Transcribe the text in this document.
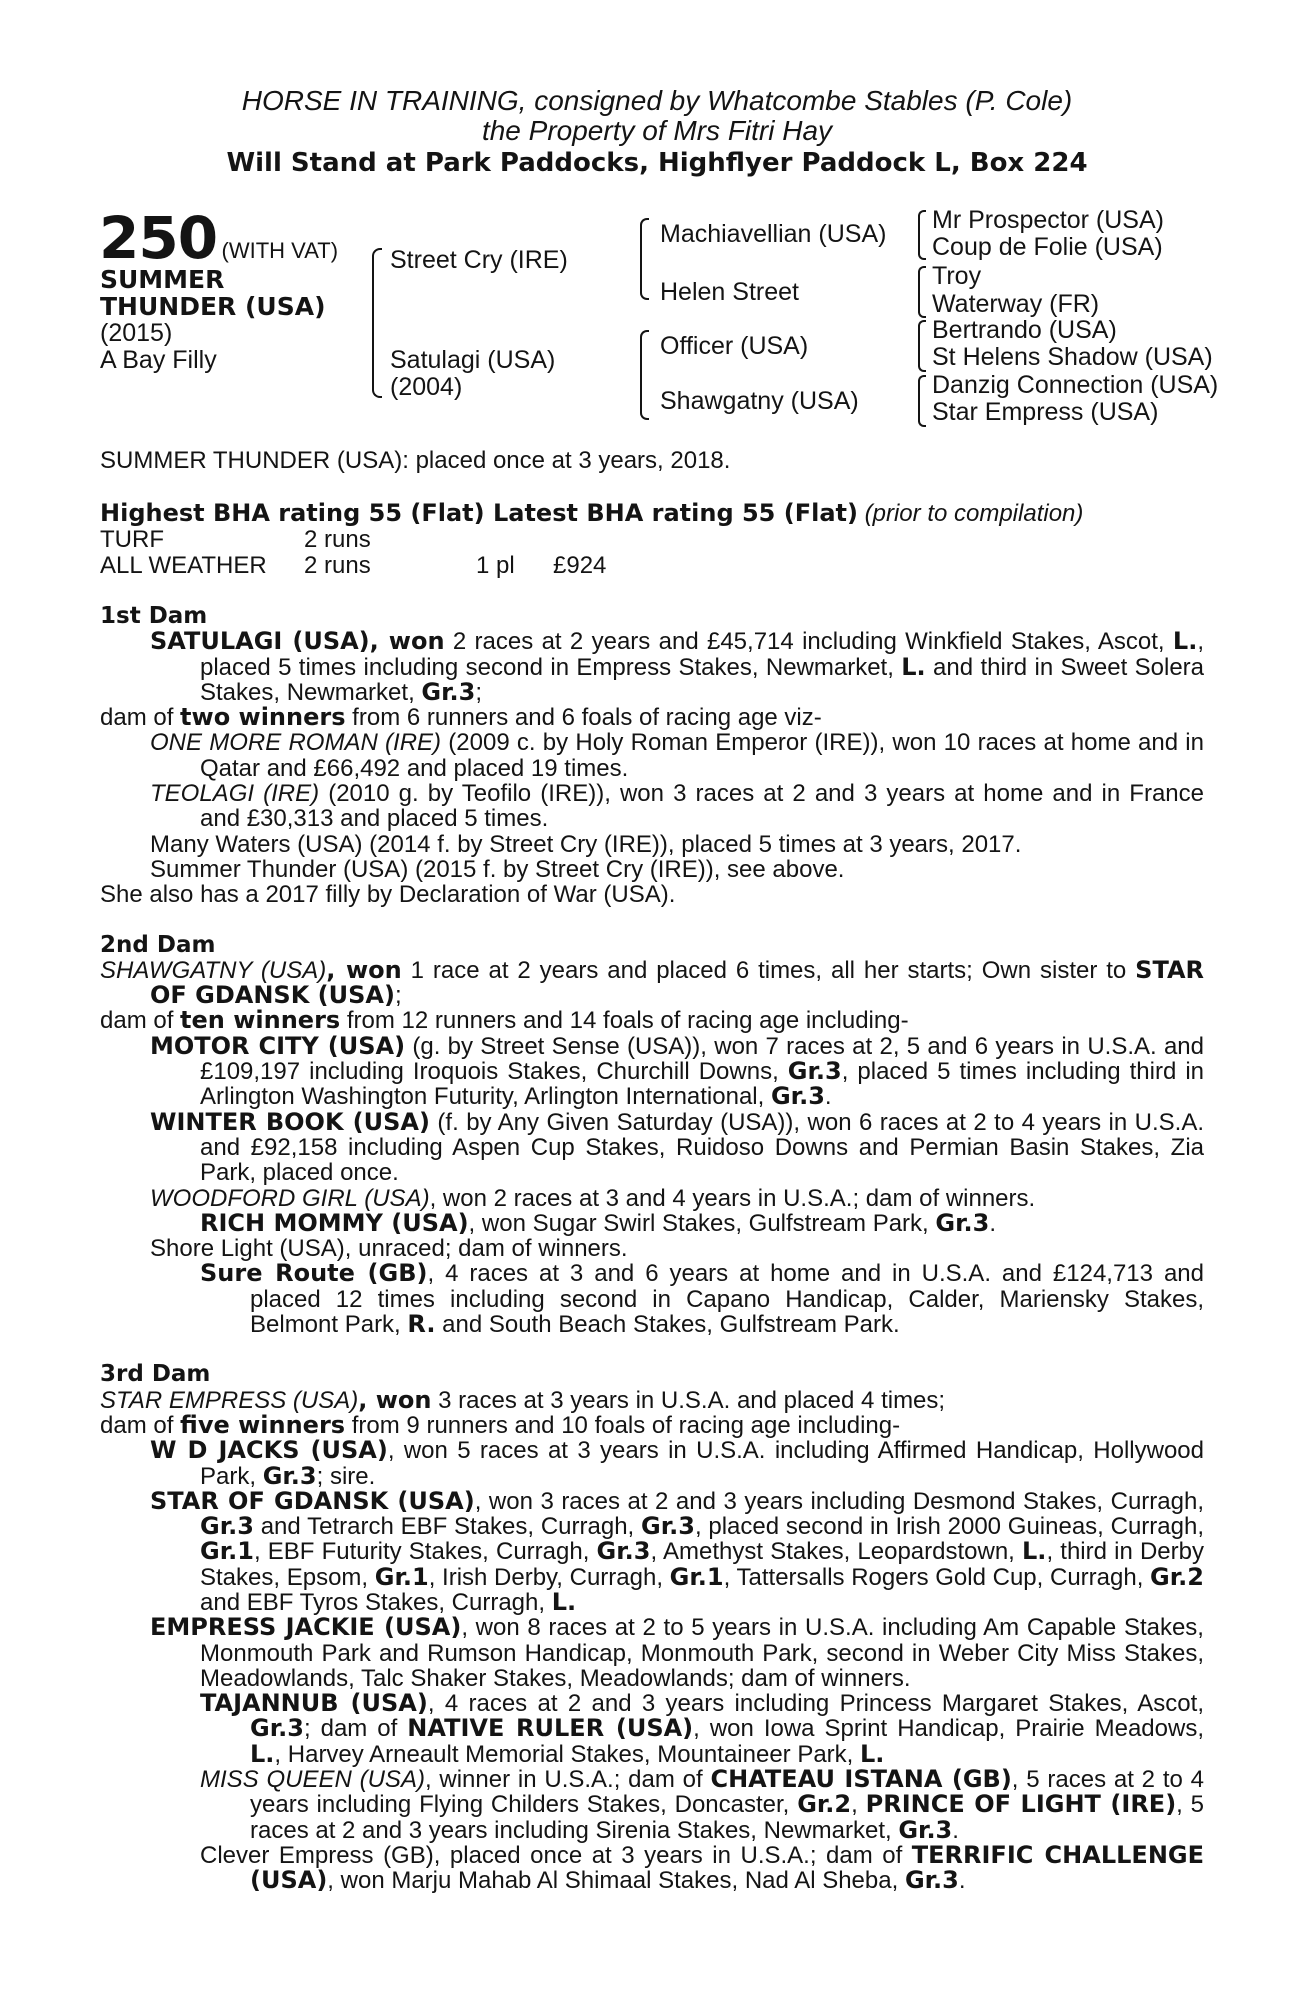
HORSE IN TRAINING, consigned by Whatcombe Stables (P. Cole)
the Property of Mrs Fitri Hay
Will Stand at Park Paddocks, Highflyer Paddock L, Box 224
250 (WITH VAT)
SUMMER
THUNDER (USA)
(2015)
A Bay Filly
Street Cry (IRE)
Satulagi (USA)
(2004)
Machiavellian (USA)
Helen Street
Officer (USA)
Shawgatny (USA)
Mr Prospector (USA)
Coup de Folie (USA)
Troy
Waterway (FR)
Bertrando (USA)
St Helens Shadow (USA)
Danzig Connection (USA)
Star Empress (USA)
SUMMER THUNDER (USA): placed once at 3 years, 2018.
Highest BHA rating 55 (Flat) Latest BHA rating 55 (Flat) (prior to compilation)
TURF	2 runs
ALL WEATHER 2 runs	1 pl £924

1st Dam

SATULAGI (USA), won 2 races at 2 years and £45,714 including Winkfield Stakes, Ascot, L., placed 5 times including second in Empress Stakes, Newmarket, L. and third in Sweet Solera Stakes, Newmarket, Gr.3;

dam of two winners from 6 runners and 6 foals of racing age viz-

ONE MORE ROMAN (IRE) (2009 c. by Holy Roman Emperor (IRE)), won 10 races at home and in Qatar and £66,492 and placed 19 times.

TEOLAGI (IRE) (2010 g. by Teofilo (IRE)), won 3 races at 2 and 3 years at home and in France and £30,313 and placed 5 times.

Many Waters (USA) (2014 f. by Street Cry (IRE)), placed 5 times at 3 years, 2017.

Summer Thunder (USA) (2015 f. by Street Cry (IRE)), see above.

She also has a 2017 filly by Declaration of War (USA).

2nd Dam

SHAWGATNY (USA), won 1 race at 2 years and placed 6 times, all her starts; Own sister to STAR OF GDANSK (USA);

dam of ten winners from 12 runners and 14 foals of racing age including-

MOTOR CITY (USA) (g. by Street Sense (USA)), won 7 races at 2, 5 and 6 years in U.S.A. and £109,197 including Iroquois Stakes, Churchill Downs, Gr.3, placed 5 times including third in Arlington Washington Futurity, Arlington International, Gr.3.

WINTER BOOK (USA) (f. by Any Given Saturday (USA)), won 6 races at 2 to 4 years in U.S.A. and £92,158 including Aspen Cup Stakes, Ruidoso Downs and Permian Basin Stakes, Zia Park, placed once.

WOODFORD GIRL (USA), won 2 races at 3 and 4 years in U.S.A.; dam of winners.

RICH MOMMY (USA), won Sugar Swirl Stakes, Gulfstream Park, Gr.3.

Shore Light (USA), unraced; dam of winners.

Sure Route (GB), 4 races at 3 and 6 years at home and in U.S.A. and £124,713 and placed 12 times including second in Capano Handicap, Calder, Mariensky Stakes, Belmont Park, R. and South Beach Stakes, Gulfstream Park.

3rd Dam

STAR EMPRESS (USA), won 3 races at 3 years in U.S.A. and placed 4 times;

dam of five winners from 9 runners and 10 foals of racing age including-

W D JACKS (USA), won 5 races at 3 years in U.S.A. including Affirmed Handicap, Hollywood Park, Gr.3; sire.

STAR OF GDANSK (USA), won 3 races at 2 and 3 years including Desmond Stakes, Curragh, Gr.3 and Tetrarch EBF Stakes, Curragh, Gr.3, placed second in Irish 2000 Guineas, Curragh, Gr.1, EBF Futurity Stakes, Curragh, Gr.3, Amethyst Stakes, Leopardstown, L., third in Derby Stakes, Epsom, Gr.1, Irish Derby, Curragh, Gr.1, Tattersalls Rogers Gold Cup, Curragh, Gr.2 and EBF Tyros Stakes, Curragh, L.

EMPRESS JACKIE (USA), won 8 races at 2 to 5 years in U.S.A. including Am Capable Stakes, Monmouth Park and Rumson Handicap, Monmouth Park, second in Weber City Miss Stakes, Meadowlands, Talc Shaker Stakes, Meadowlands; dam of winners.

TAJANNUB (USA), 4 races at 2 and 3 years including Princess Margaret Stakes, Ascot, Gr.3; dam of NATIVE RULER (USA), won Iowa Sprint Handicap, Prairie Meadows, L., Harvey Arneault Memorial Stakes, Mountaineer Park, L.

MISS QUEEN (USA), winner in U.S.A.; dam of CHATEAU ISTANA (GB), 5 races at 2 to 4 years including Flying Childers Stakes, Doncaster, Gr.2, PRINCE OF LIGHT (IRE), 5 races at 2 and 3 years including Sirenia Stakes, Newmarket, Gr.3.

Clever Empress (GB), placed once at 3 years in U.S.A.; dam of TERRIFIC CHALLENGE (USA), won Marju Mahab Al Shimaal Stakes, Nad Al Sheba, Gr.3.
